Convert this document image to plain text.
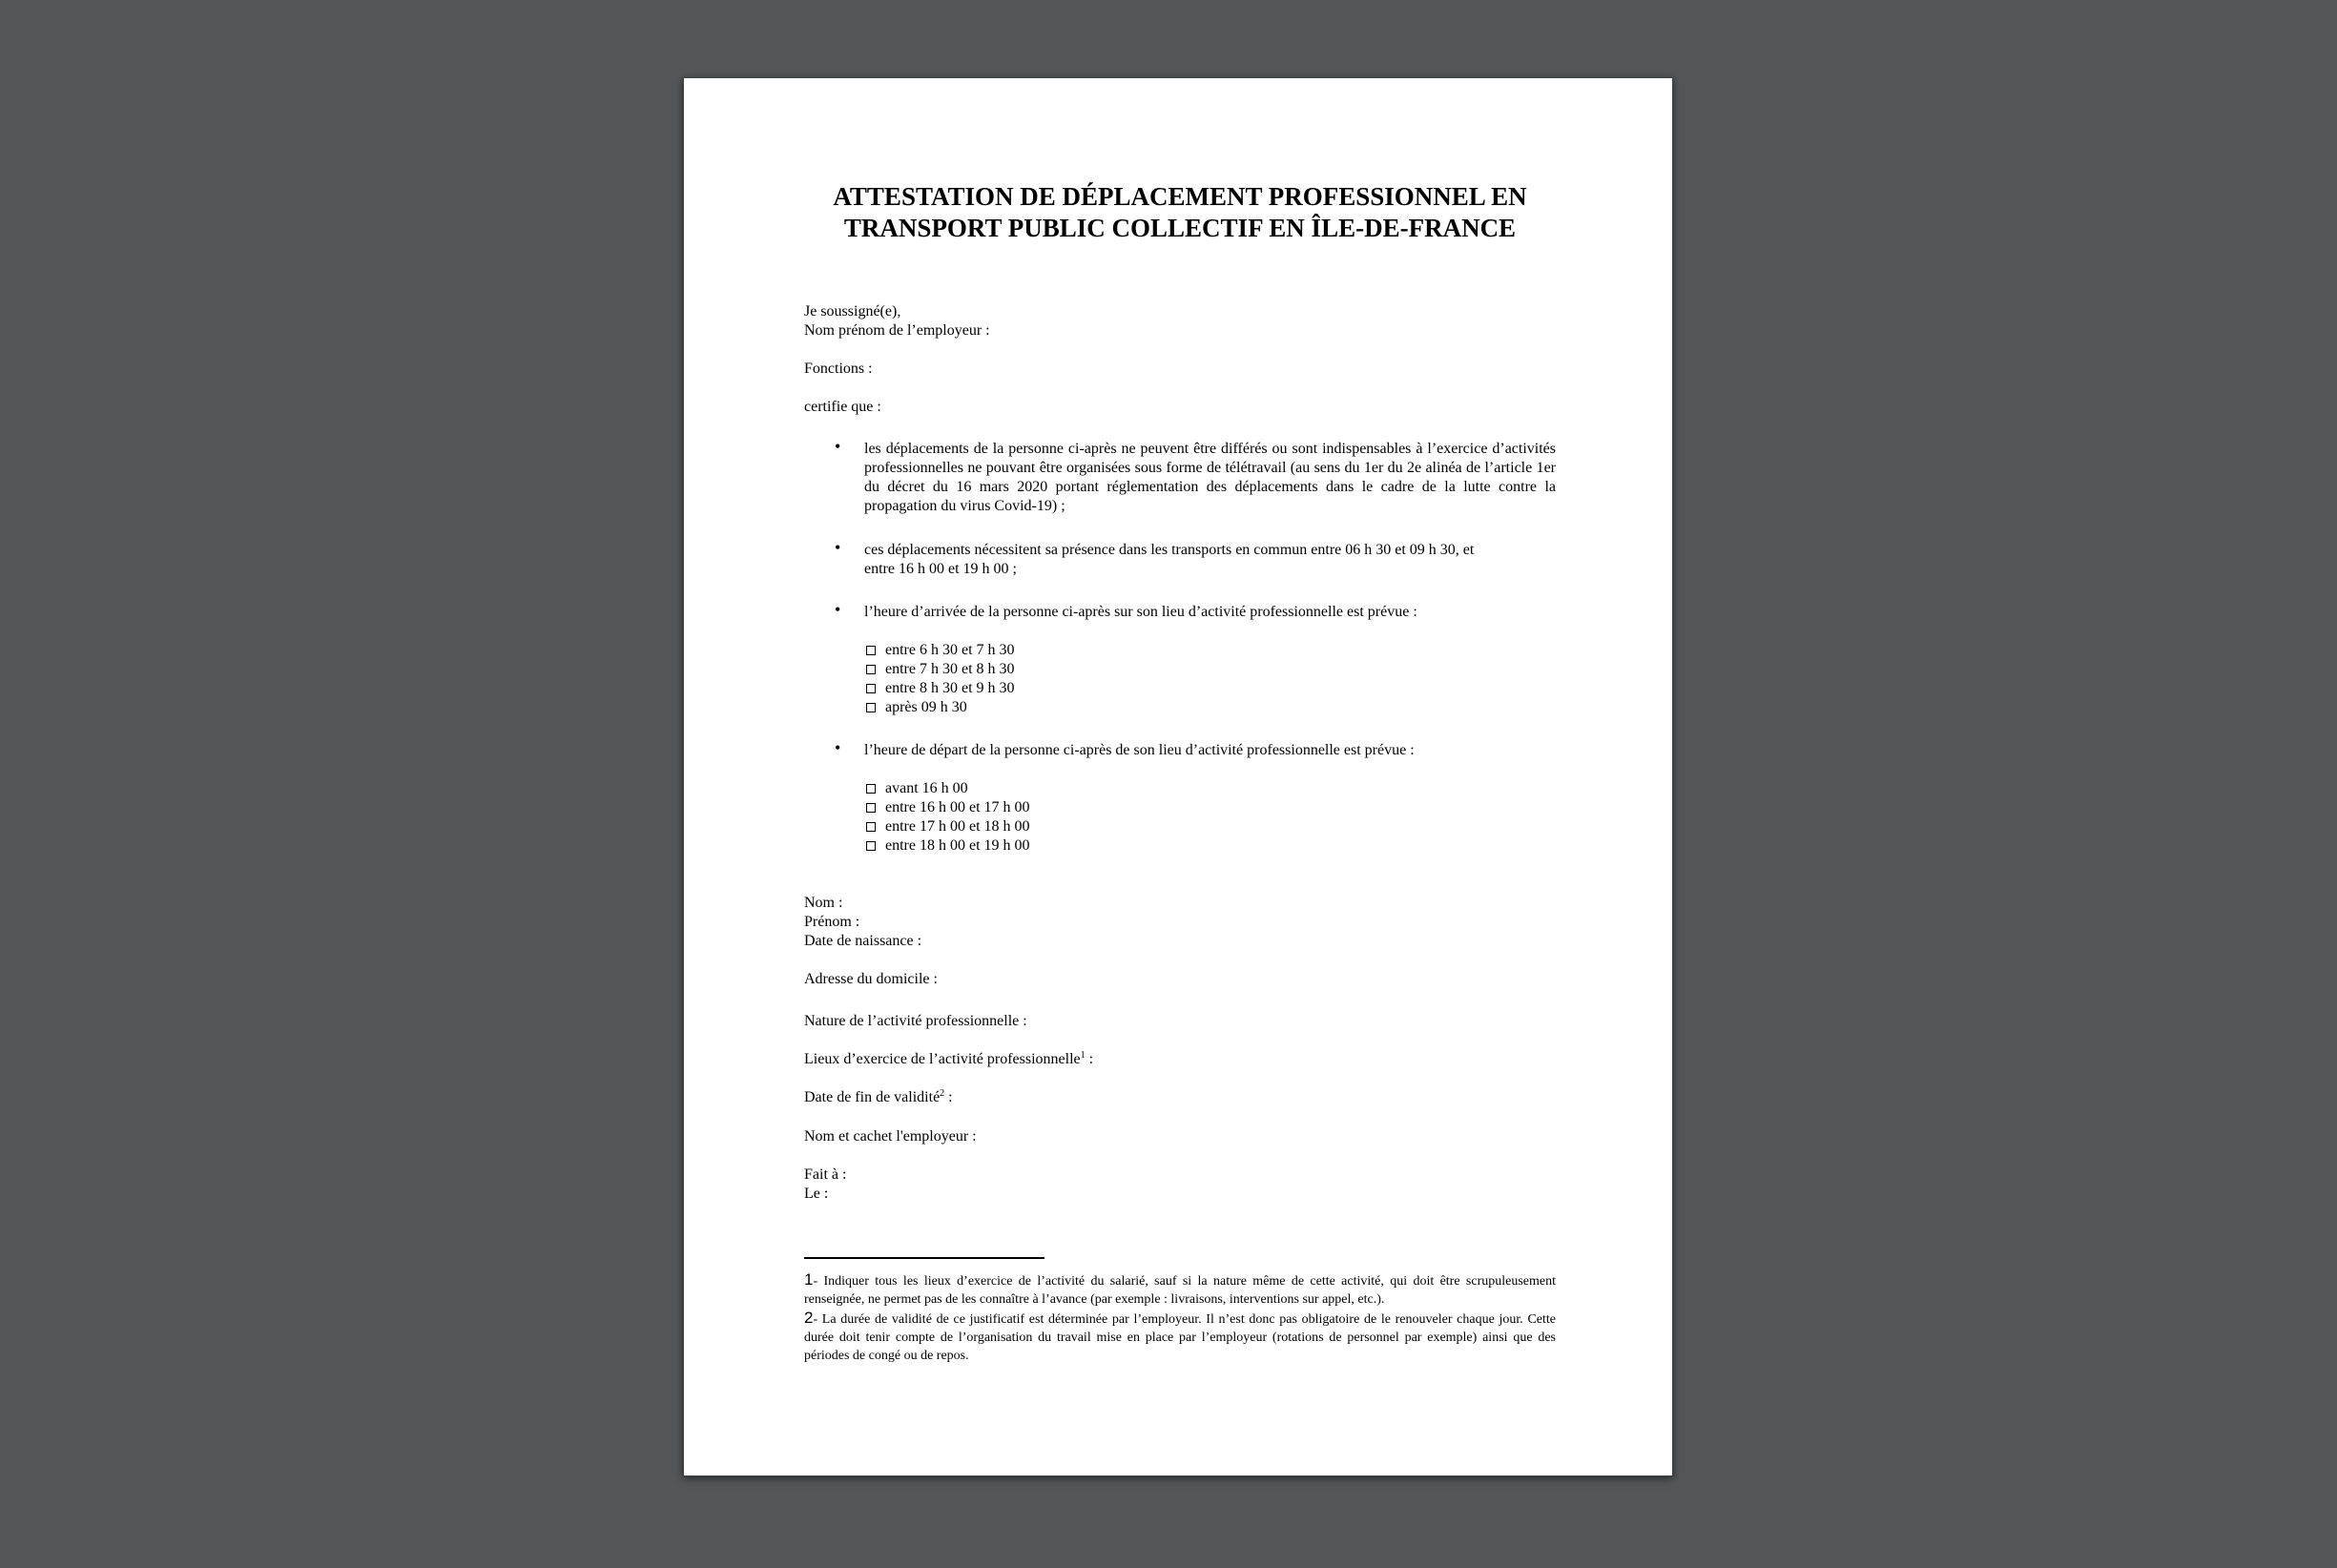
ATTESTATION DE DÉPLACEMENT PROFESSIONNEL EN
TRANSPORT PUBLIC COLLECTIF EN ÎLE-DE-FRANCE
Je soussigné(e),
Nom prénom de l’employeur :
Fonctions :
certifie que :
• les déplacements de la personne ci-après ne peuvent être différés ou sont indispensables à l’exercice d’activités professionnelles ne pouvant être organisées sous forme de télétravail (au sens du 1er du 2e alinéa de l’article 1er du décret du 16 mars 2020 portant réglementation des déplacements dans le cadre de la lutte contre la propagation du virus Covid-19) ;
• ces déplacements nécessitent sa présence dans les transports en commun entre 06 h 30 et 09 h 30, et
entre 16 h 00 et 19 h 00 ;
• l’heure d’arrivée de la personne ci-après sur son lieu d’activité professionnelle est prévue :
entre 6 h 30 et 7 h 30
entre 7 h 30 et 8 h 30
entre 8 h 30 et 9 h 30
après 09 h 30
• l’heure de départ de la personne ci-après de son lieu d’activité professionnelle est prévue :
avant 16 h 00
entre 16 h 00 et 17 h 00
entre 17 h 00 et 18 h 00
entre 18 h 00 et 19 h 00
Nom :
Prénom :
Date de naissance :
Adresse du domicile :
Nature de l’activité professionnelle :
Lieux d’exercice de l’activité professionnelle$^1$ :
Date de fin de validité$^2$ :
Nom et cachet l'employeur :
Fait à :
Le :
1- Indiquer tous les lieux d’exercice de l’activité du salarié, sauf si la nature même de cette activité, qui doit être scrupuleusement renseignée, ne permet pas de les connaître à l’avance (par exemple : livraisons, interventions sur appel, etc.).
2- La durée de validité de ce justificatif est déterminée par l’employeur. Il n’est donc pas obligatoire de le renouveler chaque jour. Cette durée doit tenir compte de l’organisation du travail mise en place par l’employeur (rotations de personnel par exemple) ainsi que des périodes de congé ou de repos.
